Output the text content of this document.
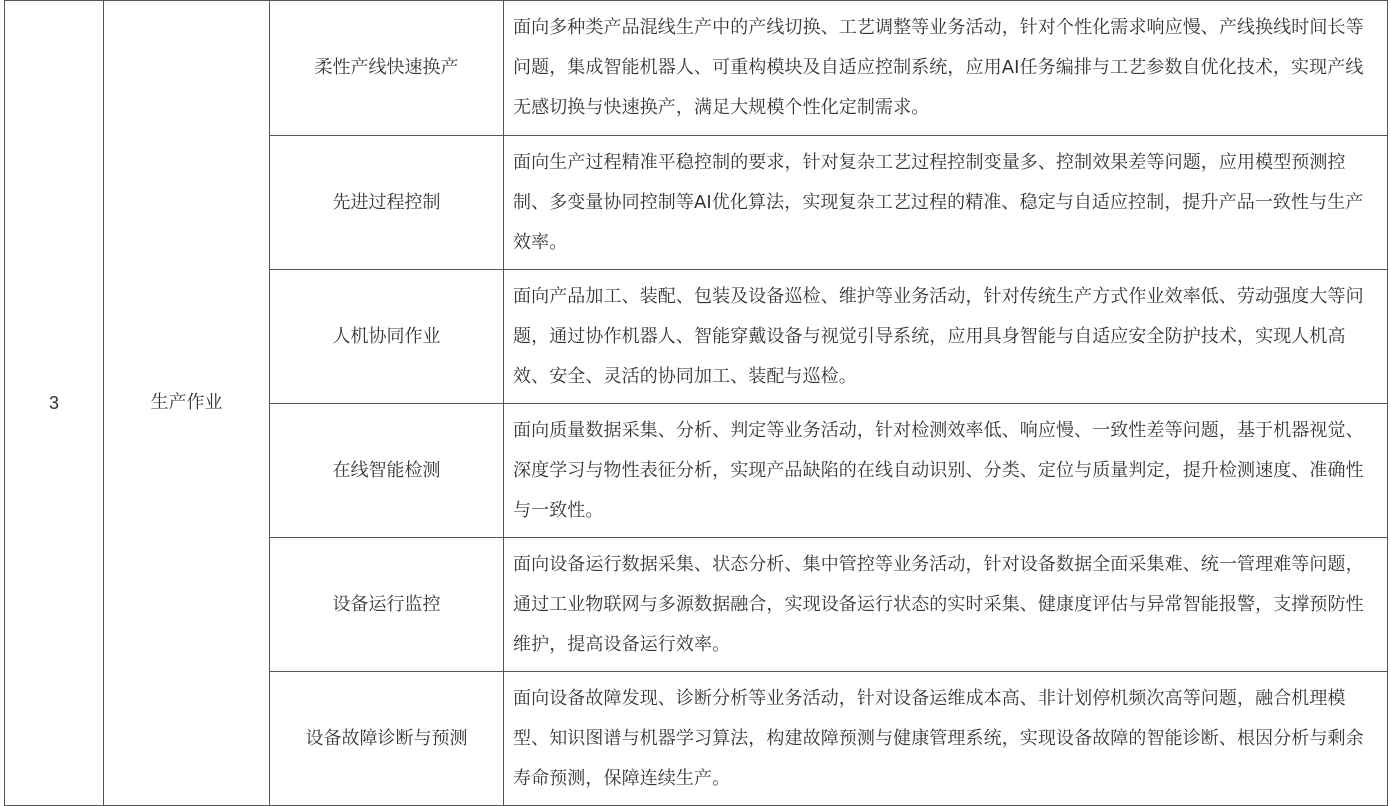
3	生产作业	柔性产线快速换产	面向多种类产品混线生产中的产线切换、工艺调整等业务活动，针对个性化需求响应慢、产线换线时间长等问题，集成智能机器人、可重构模块及自适应控制系统，应用AI任务编排与工艺参数自优化技术，实现产线无感切换与快速换产，满足大规模个性化定制需求。
		先进过程控制	面向生产过程精准平稳控制的要求，针对复杂工艺过程控制变量多、控制效果差等问题，应用模型预测控制、多变量协同控制等AI优化算法，实现复杂工艺过程的精准、稳定与自适应控制，提升产品一致性与生产效率。
		人机协同作业	面向产品加工、装配、包装及设备巡检、维护等业务活动，针对传统生产方式作业效率低、劳动强度大等问题，通过协作机器人、智能穿戴设备与视觉引导系统，应用具身智能与自适应安全防护技术，实现人机高效、安全、灵活的协同加工、装配与巡检。
		在线智能检测	面向质量数据采集、分析、判定等业务活动，针对检测效率低、响应慢、一致性差等问题，基于机器视觉、深度学习与物性表征分析，实现产品缺陷的在线自动识别、分类、定位与质量判定，提升检测速度、准确性与一致性。
		设备运行监控	面向设备运行数据采集、状态分析、集中管控等业务活动，针对设备数据全面采集难、统一管理难等问题，通过工业物联网与多源数据融合，实现设备运行状态的实时采集、健康度评估与异常智能报警，支撑预防性维护，提高设备运行效率。
		设备故障诊断与预测	面向设备故障发现、诊断分析等业务活动，针对设备运维成本高、非计划停机频次高等问题，融合机理模型、知识图谱与机器学习算法，构建故障预测与健康管理系统，实现设备故障的智能诊断、根因分析与剩余寿命预测，保障连续生产。
